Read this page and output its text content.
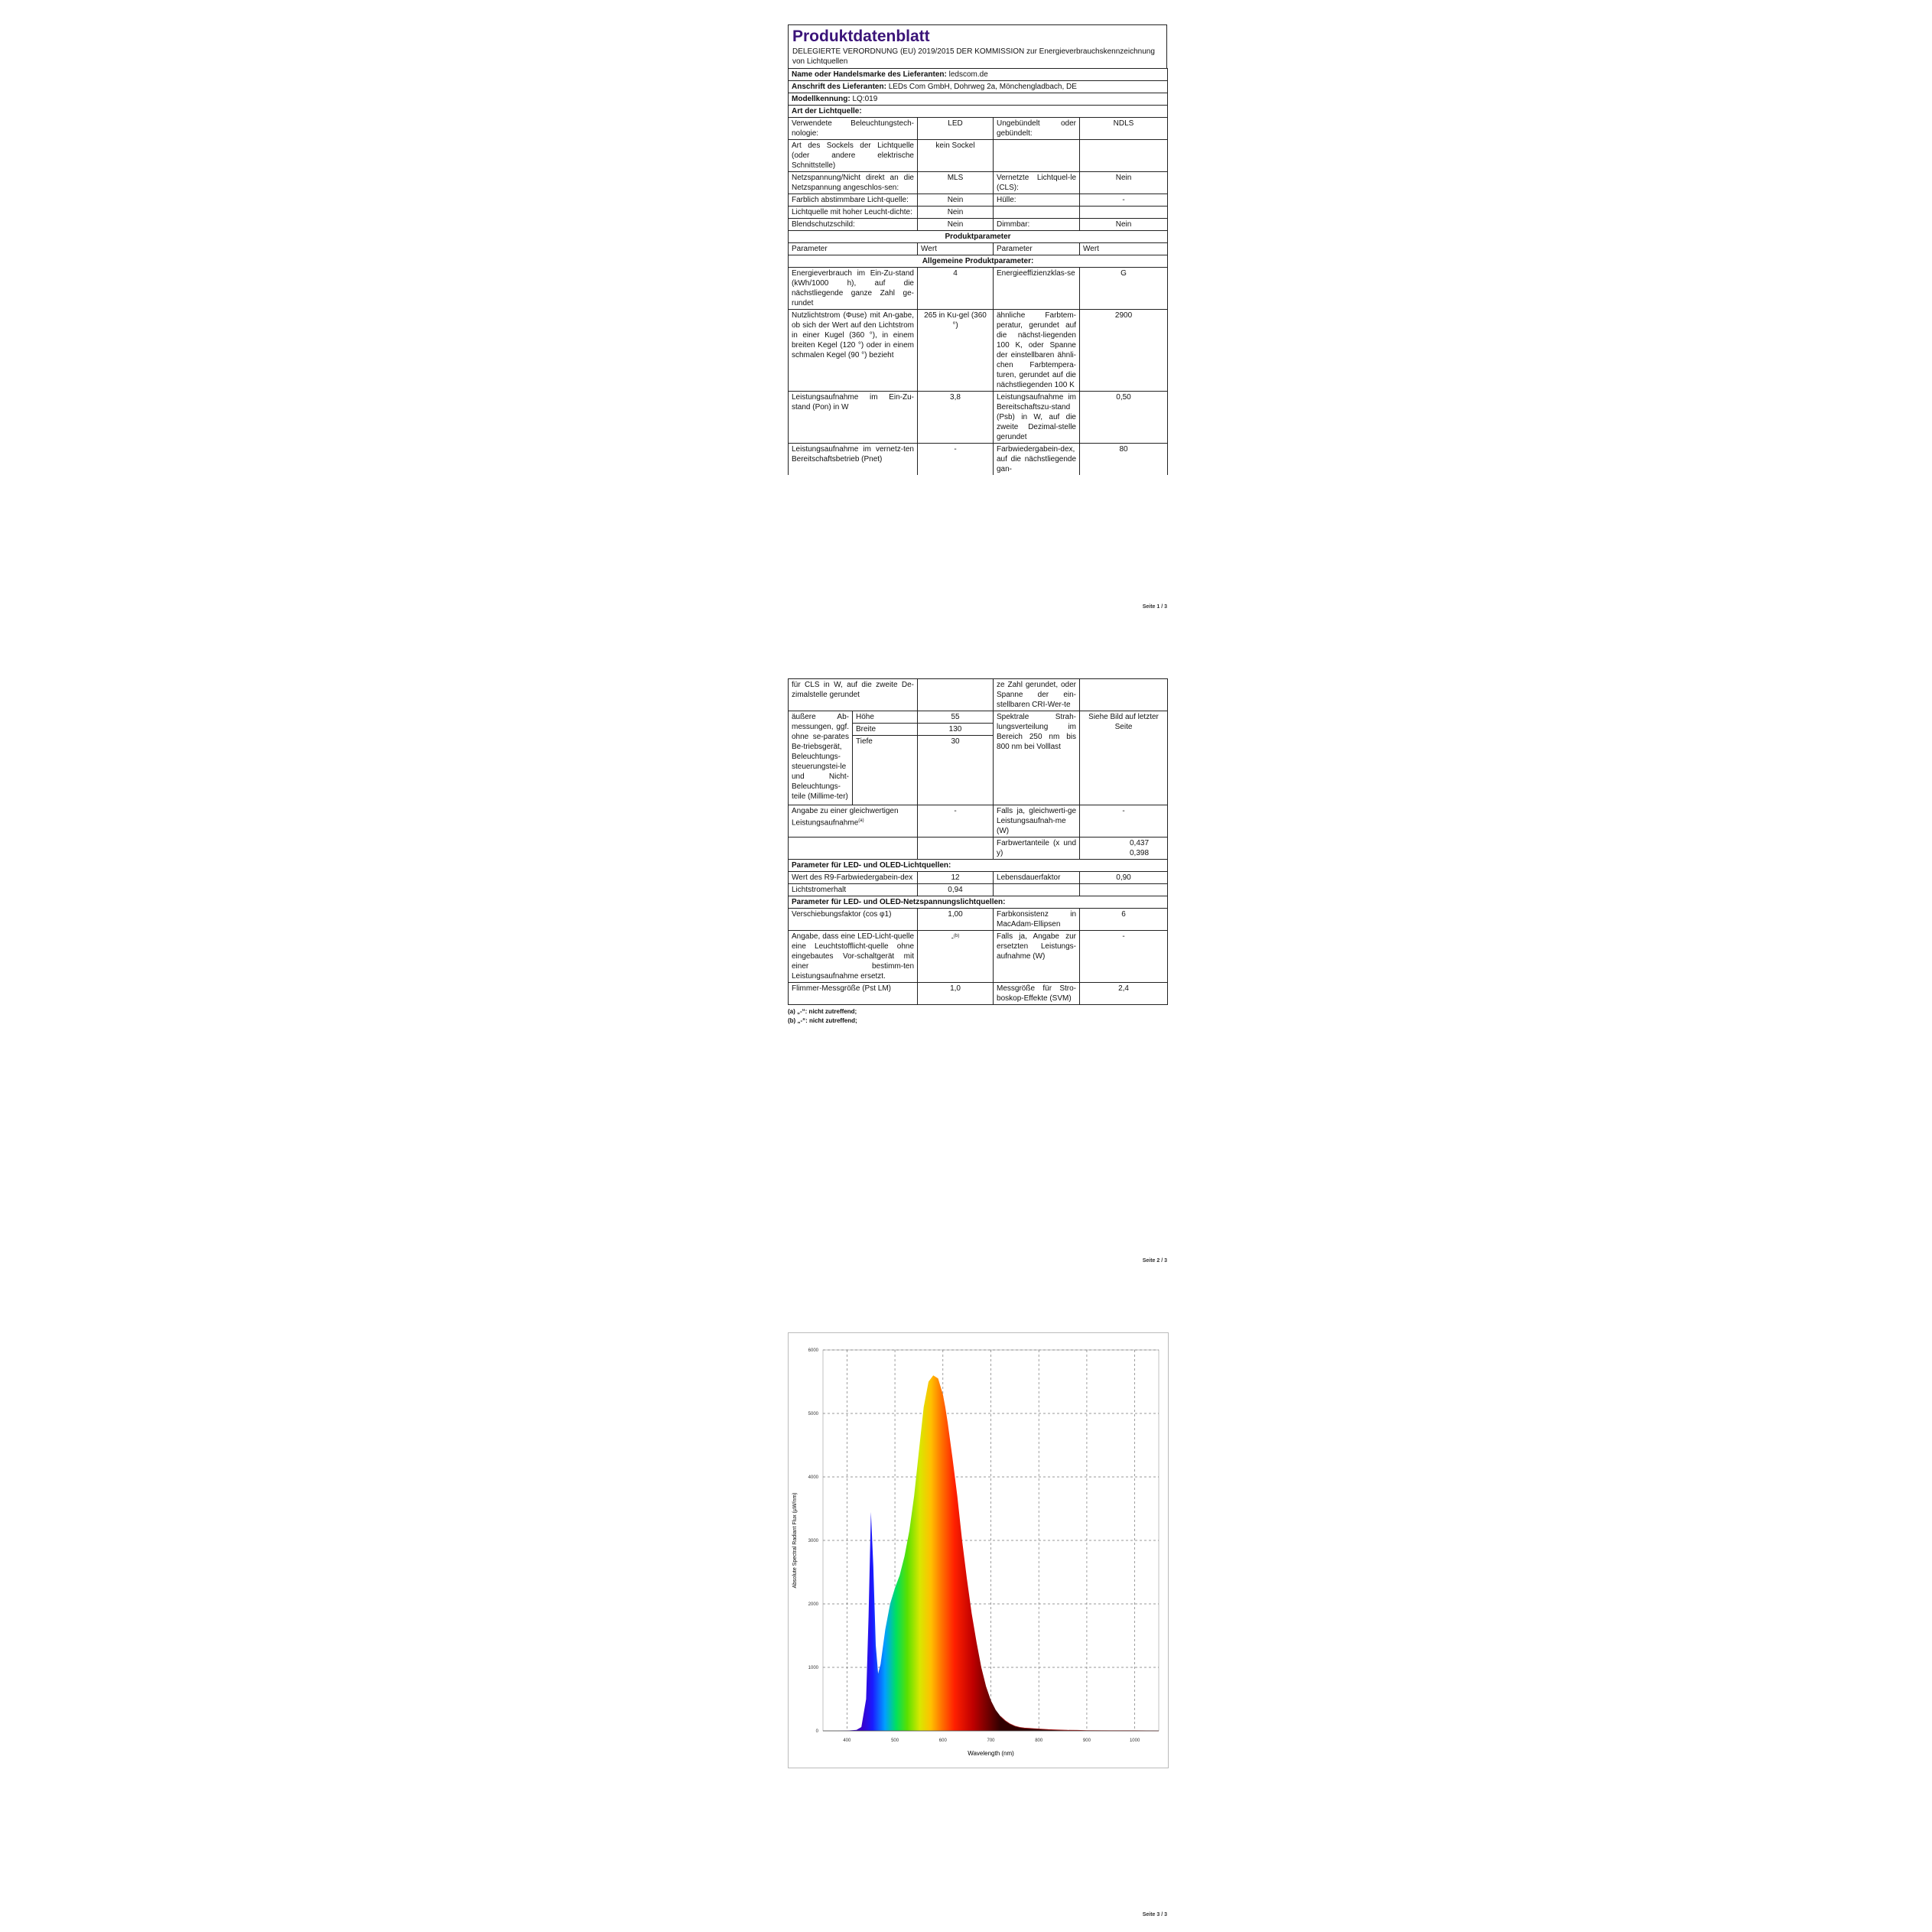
Produktdatenblatt
DELEGIERTE VERORDNUNG (EU) 2019/2015 DER KOMMISSION zur Energieverbrauchskennzeichnung von Lichtquellen
Name oder Handelsmarke des Lieferanten: ledscom.de			
Anschrift des Lieferanten: LEDs Com GmbH, Dohrweg 2a, Mönchengladbach, DE			
Modellkennung: LQ:019			
Art der Lichtquelle:			
Verwendete Beleuchtungstech-nologie:	LED	Ungebündelt oder gebündelt:	NDLS
Art des Sockels der Lichtquelle (oder andere elektrische Schnittstelle)	kein Sockel		
Netzspannung/Nicht direkt an die Netzspannung angeschlos-sen:	MLS	Vernetzte Lichtquel-le (CLS):	Nein
Farblich abstimmbare Licht-quelle:	Nein	Hülle:	-
Lichtquelle mit hoher Leucht-dichte:	Nein		
Blendschutzschild:	Nein	Dimmbar:	Nein
Produktparameter			
Parameter	Wert	Parameter	Wert
Allgemeine Produktparameter:			
Energieverbrauch im Ein-Zu-stand (kWh/1000 h), auf die nächstliegende ganze Zahl ge-rundet	4	Energieeffizienzklas-se	G
Nutzlichtstrom (Φuse) mit An-gabe, ob sich der Wert auf den Lichtstrom in einer Kugel (360 °), in einem breiten Kegel (120 °) oder in einem schmalen Kegel (90 °) bezieht	265 in Ku-gel (360 °)	ähnliche Farbtem-peratur, gerundet auf die nächst-liegenden 100 K, oder Spanne der einstellbaren ähnli-chen Farbtempera-turen, gerundet auf die nächstliegenden 100 K	2900
Leistungsaufnahme im Ein-Zu-stand (Pon) in W	3,8	Leistungsaufnahme im Bereitschaftszu-stand (Psb) in W, auf die zweite Dezimal-stelle gerundet	0,50
Leistungsaufnahme im vernetz-ten Bereitschaftsbetrieb (Pnet)	-	Farbwiedergabein-dex, auf die nächstliegende gan-	80
Seite 1 / 3
für CLS in W, auf die zweite De-zimalstelle gerundet			ze Zahl gerundet, oder Spanne der ein-stellbaren CRI-Wer-te	
äußere Ab-messungen, ggf. ohne se-parates Be-triebsgerät, Beleuchtungs-steuerungstei-le und Nicht-Beleuchtungs-teile (Millime-ter)	Höhe	55	Spektrale Strah-lungsverteilung im Bereich 250 nm bis 800 nm bei Volllast	Siehe Bild auf letzter Seite
	Breite	130		
	Tiefe	30		

Angabe zu einer gleichwertigen Leistungsaufnahme$^{(a)}$		-	Falls ja, gleichwerti-ge Leistungsaufnah-me (W)	-
			Farbwertanteile (x und y)	0,437
0,398

Parameter für LED- und OLED-Lichtquellen:				
Wert des R9-Farbwiedergabein-dex		12	Lebensdauerfaktor	0,90
Lichtstromerhalt		0,94		
Parameter für LED- und OLED-Netzspannungslichtquellen:				
Verschiebungsfaktor (cos φ1)		1,00	Farbkonsistenz in MacAdam-Ellipsen	6
Angabe, dass eine LED-Licht-quelle eine Leuchtstofflicht-quelle ohne eingebautes Vor-schaltgerät mit einer bestimm-ten Leistungsaufnahme ersetzt.		-$^{(b)}$	Falls ja, Angabe zur ersetzten Leistungs-aufnahme (W)	-
Flimmer-Messgröße (Pst LM)		1,0	Messgröße für Stro-boskop-Effekte (SVM)	2,4
(a) „-“: nicht zutreffend;
(b) „-“: nicht zutreffend;
Seite 2 / 3
400	500	600	700	800	900	1000
0
1000
2000
3000
4000
5000
6000
Wavelength (nm)
Absolute Spectral Radiant Flux (µW/nm)
Seite 3 / 3
